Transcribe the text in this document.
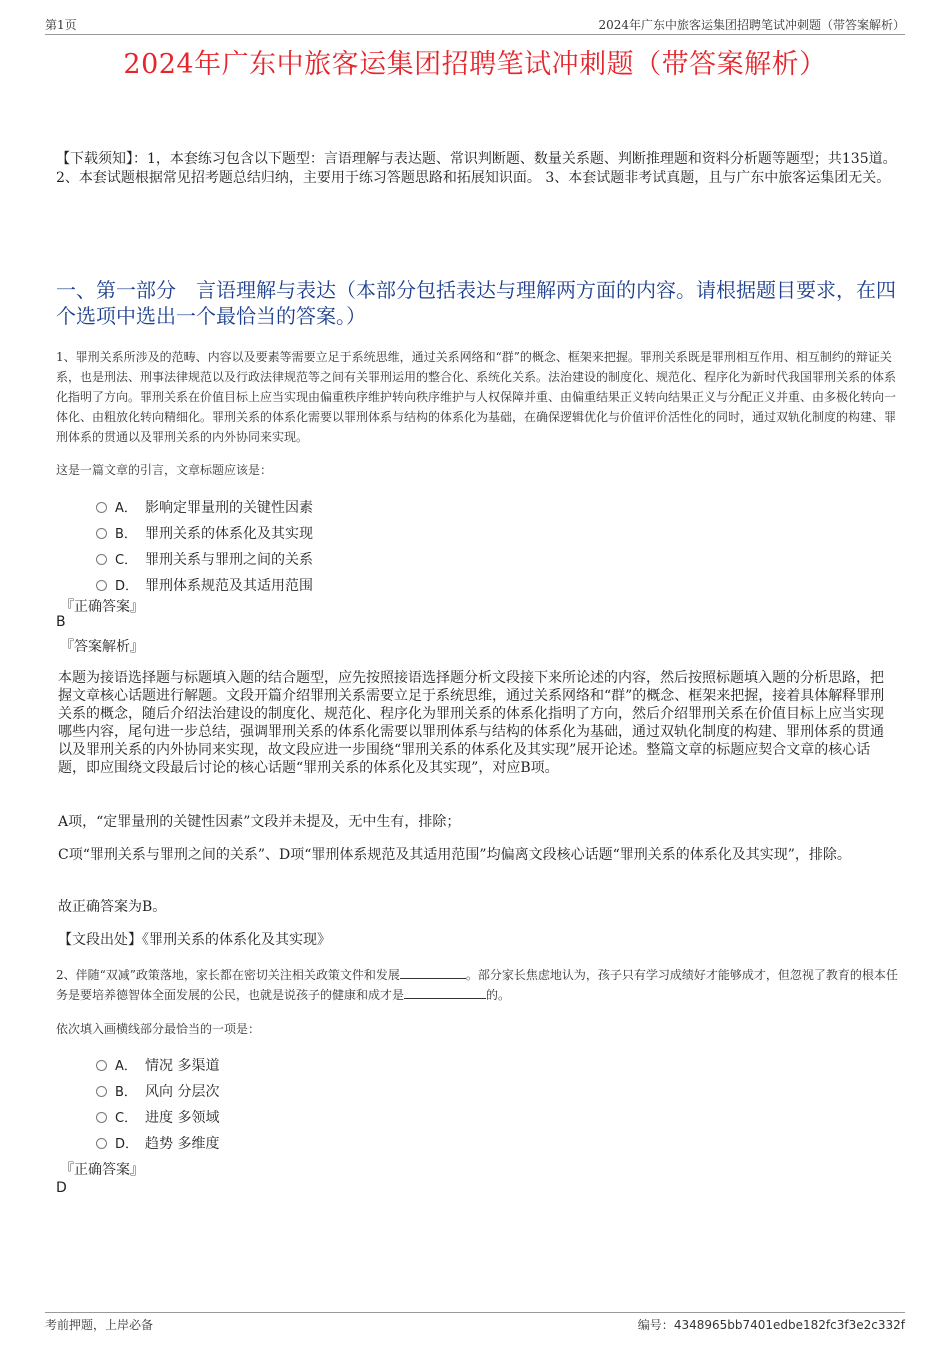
第1页	2024年广东中旅客运集团招聘笔试冲刺题（带答案解析）
2024年广东中旅客运集团招聘笔试冲刺题（带答案解析）
【下载须知】：1，本套练习包含以下题型：言语理解与表达题、常识判断题、数量关系题、判断推理题和资料分析题等题型；共135道。 2、本套试题根据常见招考题总结归纳，主要用于练习答题思路和拓展知识面。 3、本套试题非考试真题，且与广东中旅客运集团无关。
一、第一部分　言语理解与表达（本部分包括表达与理解两方面的内容。请根据题目要求，在四个选项中选出一个最恰当的答案。）
1、罪刑关系所涉及的范畴、内容以及要素等需要立足于系统思维，通过关系网络和“群”的概念、框架来把握。罪刑关系既是罪刑相互作用、相互制约的辩证关系，也是刑法、刑事法律规范以及行政法律规范等之间有关罪刑运用的整合化、系统化关系。法治建设的制度化、规范化、程序化为新时代我国罪刑关系的体系化指明了方向。罪刑关系在价值目标上应当实现由偏重秩序维护转向秩序维护与人权保障并重、由偏重结果正义转向结果正义与分配正义并重、由多极化转向一体化、由粗放化转向精细化。罪刑关系的体系化需要以罪刑体系与结构的体系化为基础，在确保逻辑优化与价值评价活性化的同时，通过双轨化制度的构建、罪刑体系的贯通以及罪刑关系的内外协同来实现。
这是一篇文章的引言，文章标题应该是：
A． 影响定罪量刑的关键性因素
B． 罪刑关系的体系化及其实现
C． 罪刑关系与罪刑之间的关系
D． 罪刑体系规范及其适用范围
『正确答案』
B
『答案解析』
本题为接语选择题与标题填入题的结合题型，应先按照接语选择题分析文段接下来所论述的内容，然后按照标题填入题的分析思路，把握文章核心话题进行解题。文段开篇介绍罪刑关系需要立足于系统思维，通过关系网络和“群”的概念、框架来把握，接着具体解释罪刑关系的概念，随后介绍法治建设的制度化、规范化、程序化为罪刑关系的体系化指明了方向，然后介绍罪刑关系在价值目标上应当实现哪些内容，尾句进一步总结，强调罪刑关系的体系化需要以罪刑体系与结构的体系化为基础，通过双轨化制度的构建、罪刑体系的贯通以及罪刑关系的内外协同来实现，故文段应进一步围绕“罪刑关系的体系化及其实现”展开论述。整篇文章的标题应契合文章的核心话题，即应围绕文段最后讨论的核心话题“罪刑关系的体系化及其实现”，对应B项。
A项，“定罪量刑的关键性因素”文段并未提及，无中生有，排除；
C项“罪刑关系与罪刑之间的关系”、D项“罪刑体系规范及其适用范围”均偏离文段核心话题“罪刑关系的体系化及其实现”，排除。
故正确答案为B。
【文段出处】《罪刑关系的体系化及其实现》
2、伴随“双减”政策落地，家长都在密切关注相关政策文件和发展	。部分家长焦虑地认为，孩子只有学习成绩好才能够成才，但忽视了教育的根本任务是要培养德智体全面发展的公民，也就是说孩子的健康和成才是	的。
依次填入画横线部分最恰当的一项是：
A． 情况 多渠道
B． 风向 分层次
C． 进度 多领域
D． 趋势 多维度
『正确答案』
D
考前押题，上岸必备	编号：4348965bb7401edbe182fc3f3e2c332f
